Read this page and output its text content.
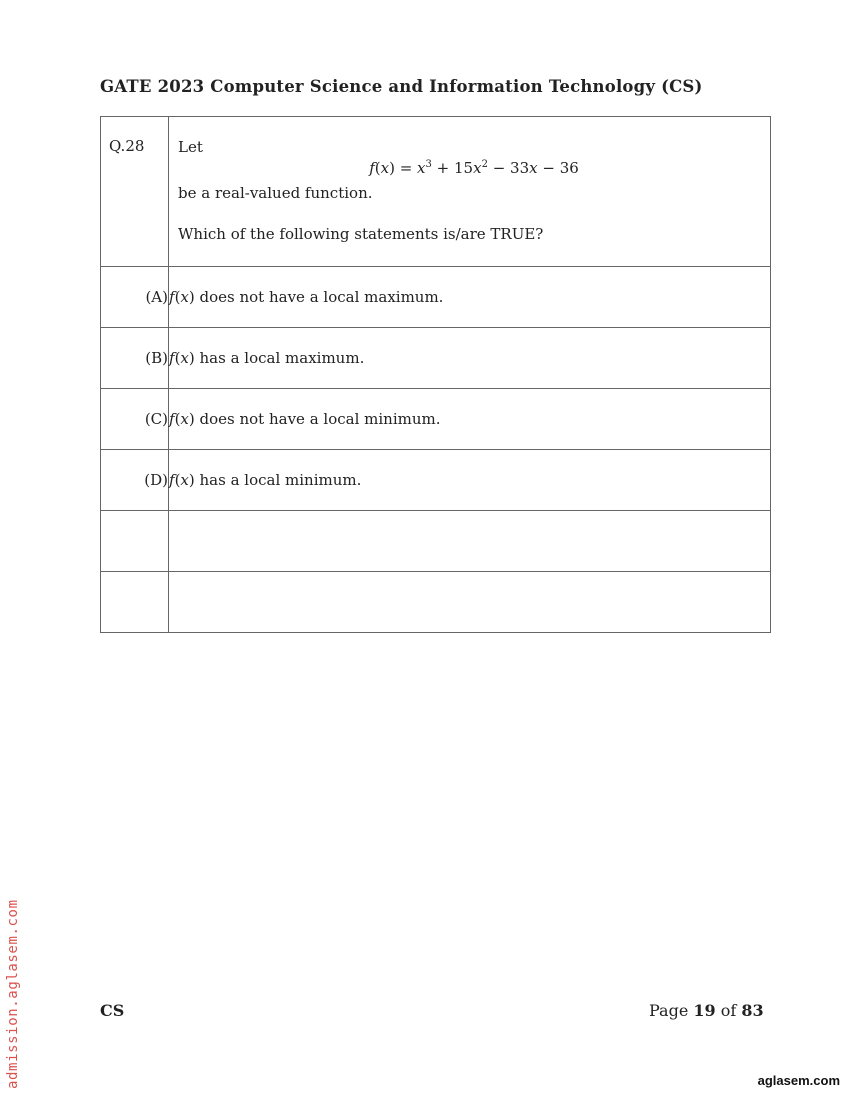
GATE 2023 Computer Science and Information Technology (CS)
Q.28	Let

$f(x) = x^3 + 15x^2 - 33x - 36$

be a real-valued function.

Which of the following statements is/are TRUE?

(A)	f(x) does not have a local maximum.
(B)	f(x) has a local maximum.
(C)	f(x) does not have a local minimum.
(D)	f(x) has a local minimum.

CS	Page 19 of 83
admission.aglasem.com	aglasem.com
